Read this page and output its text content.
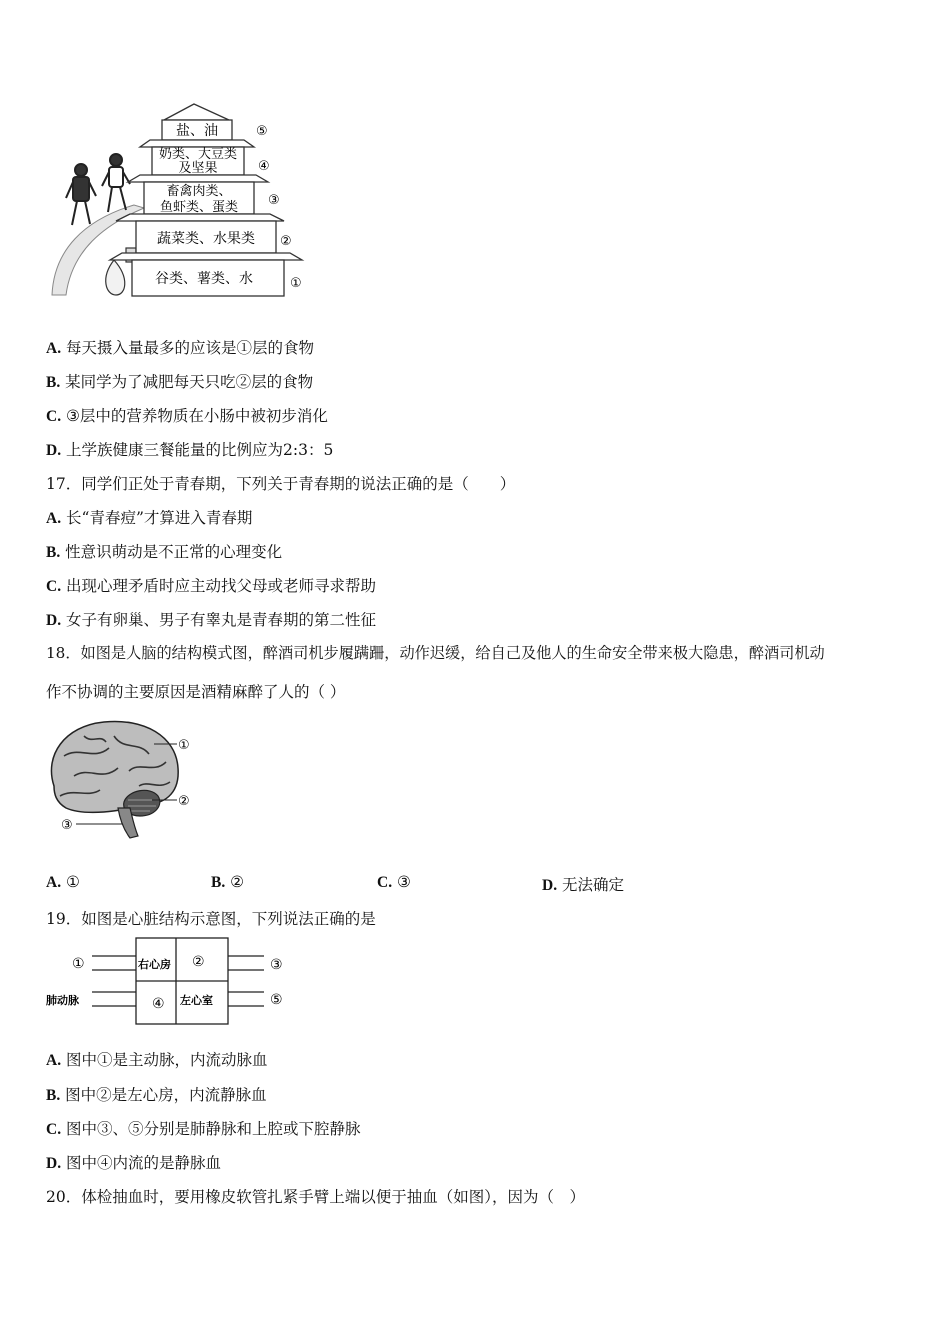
盐、油
奶类、大豆类
及坚果
畜禽肉类、
鱼虾类、蛋类
蔬菜类、水果类
谷类、薯类、水
⑤
④
③
②
①
A. 每天摄入量最多的应该是①层的食物
B. 某同学为了减肥每天只吃②层的食物
C. ③层中的营养物质在小肠中被初步消化
D. 上学族健康三餐能量的比例应为2:3：5
17．同学们正处于青春期，下列关于青春期的说法正确的是（　　）
A. 长“青春痘”才算进入青春期
B. 性意识萌动是不正常的心理变化
C. 出现心理矛盾时应主动找父母或老师寻求帮助
D. 女子有卵巢、男子有睾丸是青春期的第二性征
18．如图是人脑的结构模式图，醉酒司机步履蹒跚，动作迟缓，给自己及他人的生命安全带来极大隐患，醉酒司机动
作不协调的主要原因是酒精麻醉了人的（ ）
①
②
③
A. ①	B. ②	C. ③	D. 无法确定
19．如图是心脏结构示意图，下列说法正确的是
①
肺动脉
右心房 ②
④ 左心室
③
⑤
A. 图中①是主动脉，内流动脉血
B. 图中②是左心房，内流静脉血
C. 图中③、⑤分别是肺静脉和上腔或下腔静脉
D. 图中④内流的是静脉血
20．体检抽血时，要用橡皮软管扎紧手臂上端以便于抽血（如图），因为（　）
